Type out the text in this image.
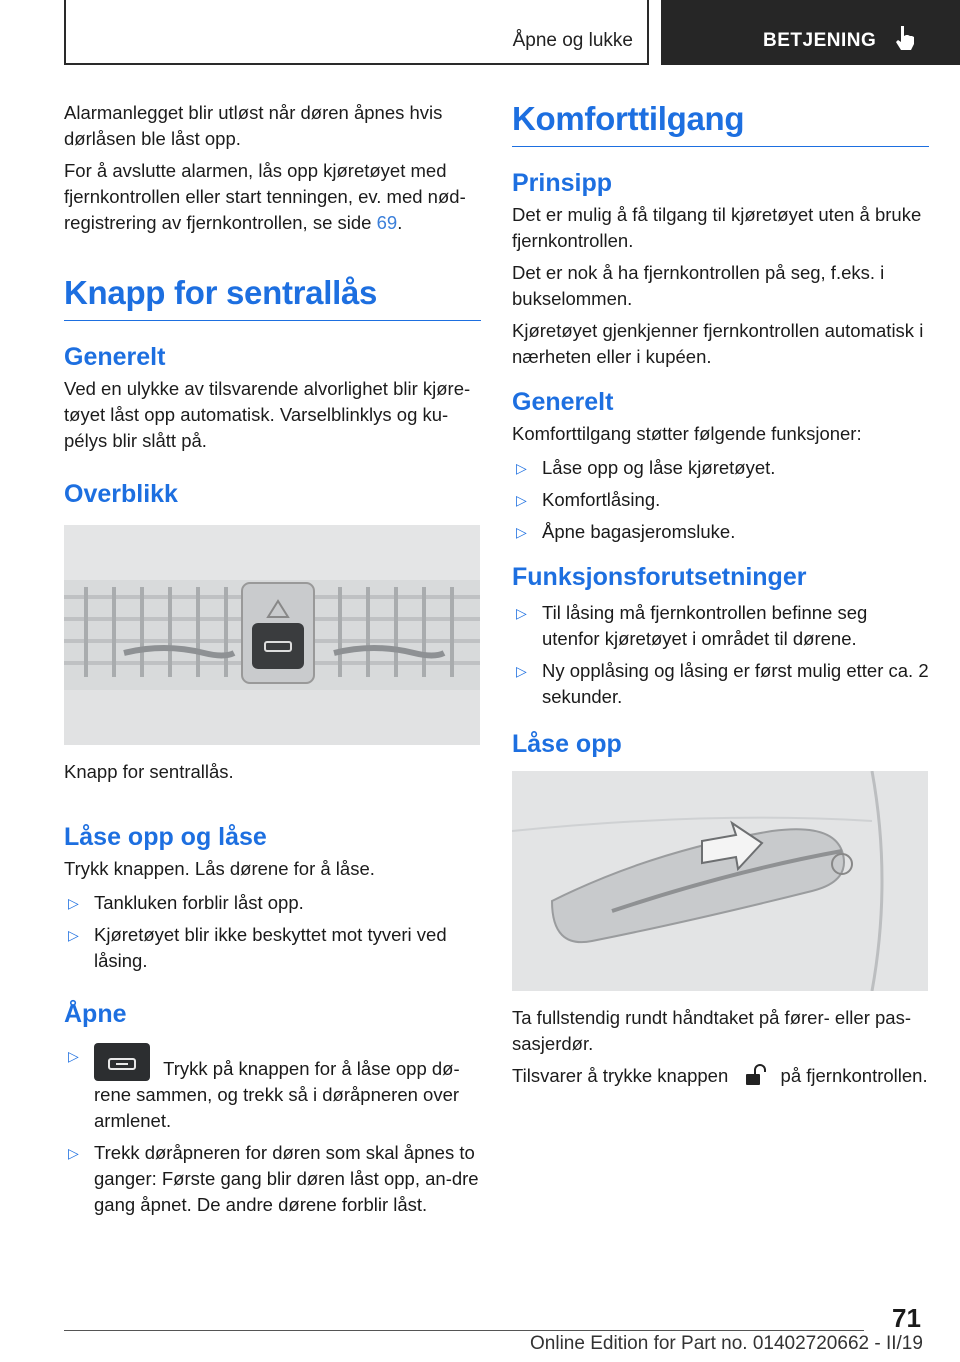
Åpne og lukke	BETJENING

Alarmanlegget blir utløst når døren åpnes hvis dørlåsen ble låst opp.

For å avslutte alarmen, lås opp kjøretøyet med fjernkontrollen eller start tenningen, ev. med nød-registrering av fjernkontrollen, se side 69.

Knapp for sentrallås
Generelt

Ved en ulykke av tilsvarende alvorlighet blir kjøre-tøyet låst opp automatisk. Varselblinklys og ku-pélys blir slått på.

Overblikk

Knapp for sentrallås.

Låse opp og låse

Trykk knappen. Lås dørene for å låse.

▷ Tankluken forblir låst opp.
▷ Kjøretøyet blir ikke beskyttet mot tyveri ved låsing.
Åpne
▷
Trykk på knappen for å låse opp dø-rene sammen, og trekk så i døråpneren over armlenet.
▷ Trekk døråpneren for døren som skal åpnes to ganger: Første gang blir døren låst opp, an-dre gang åpnet. De andre dørene forblir låst.
Komforttilgang
Prinsipp

Det er mulig å få tilgang til kjøretøyet uten å bruke fjernkontrollen.

Det er nok å ha fjernkontrollen på seg, f.eks. i bukselommen.

Kjøretøyet gjenkjenner fjernkontrollen automatisk i nærheten eller i kupéen.

Generelt

Komforttilgang støtter følgende funksjoner:

▷ Låse opp og låse kjøretøyet.
▷ Komfortlåsing.
▷ Åpne bagasjeromsluke.
Funksjonsforutsetninger
▷ Til låsing må fjernkontrollen befinne seg utenfor kjøretøyet i området til dørene.
▷ Ny opplåsing og låsing er først mulig etter ca. 2 sekunder.
Låse opp

Ta fullstendig rundt håndtaket på fører- eller pas-sasjerdør.

Tilsvarer å trykke knappen	på fjernkontrollen.

71
Online Edition for Part no. 01402720662 - II/19
